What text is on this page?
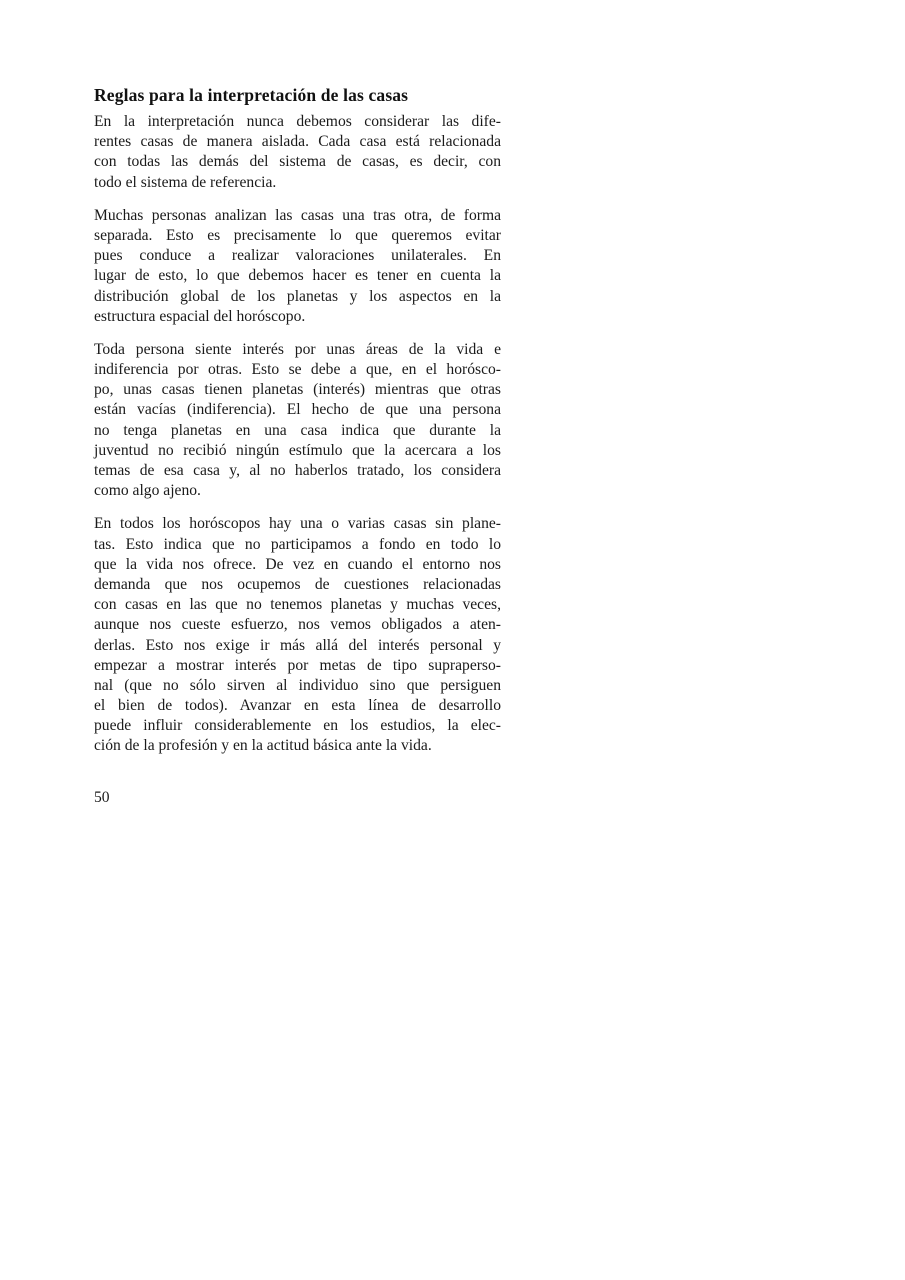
Reglas para la interpretación de las casas

En la interpretación nunca debemos considerar las dife-
rentes casas de manera aislada. Cada casa está relacionada
con todas las demás del sistema de casas, es decir, con
todo el sistema de referencia.

Muchas personas analizan las casas una tras otra, de forma
separada. Esto es precisamente lo que queremos evitar
pues conduce a realizar valoraciones unilaterales. En
lugar de esto, lo que debemos hacer es tener en cuenta la
distribución global de los planetas y los aspectos en la
estructura espacial del horóscopo.

Toda persona siente interés por unas áreas de la vida e
indiferencia por otras. Esto se debe a que, en el horósco-
po, unas casas tienen planetas (interés) mientras que otras
están vacías (indiferencia). El hecho de que una persona
no tenga planetas en una casa indica que durante la
juventud no recibió ningún estímulo que la acercara a los
temas de esa casa y, al no haberlos tratado, los considera
como algo ajeno.

En todos los horóscopos hay una o varias casas sin plane-
tas. Esto indica que no participamos a fondo en todo lo
que la vida nos ofrece. De vez en cuando el entorno nos
demanda que nos ocupemos de cuestiones relacionadas
con casas en las que no tenemos planetas y muchas veces,
aunque nos cueste esfuerzo, nos vemos obligados a aten-
derlas. Esto nos exige ir más allá del interés personal y
empezar a mostrar interés por metas de tipo supraperso-
nal (que no sólo sirven al individuo sino que persiguen
el bien de todos). Avanzar en esta línea de desarrollo
puede influir considerablemente en los estudios, la elec-
ción de la profesión y en la actitud básica ante la vida.

50
